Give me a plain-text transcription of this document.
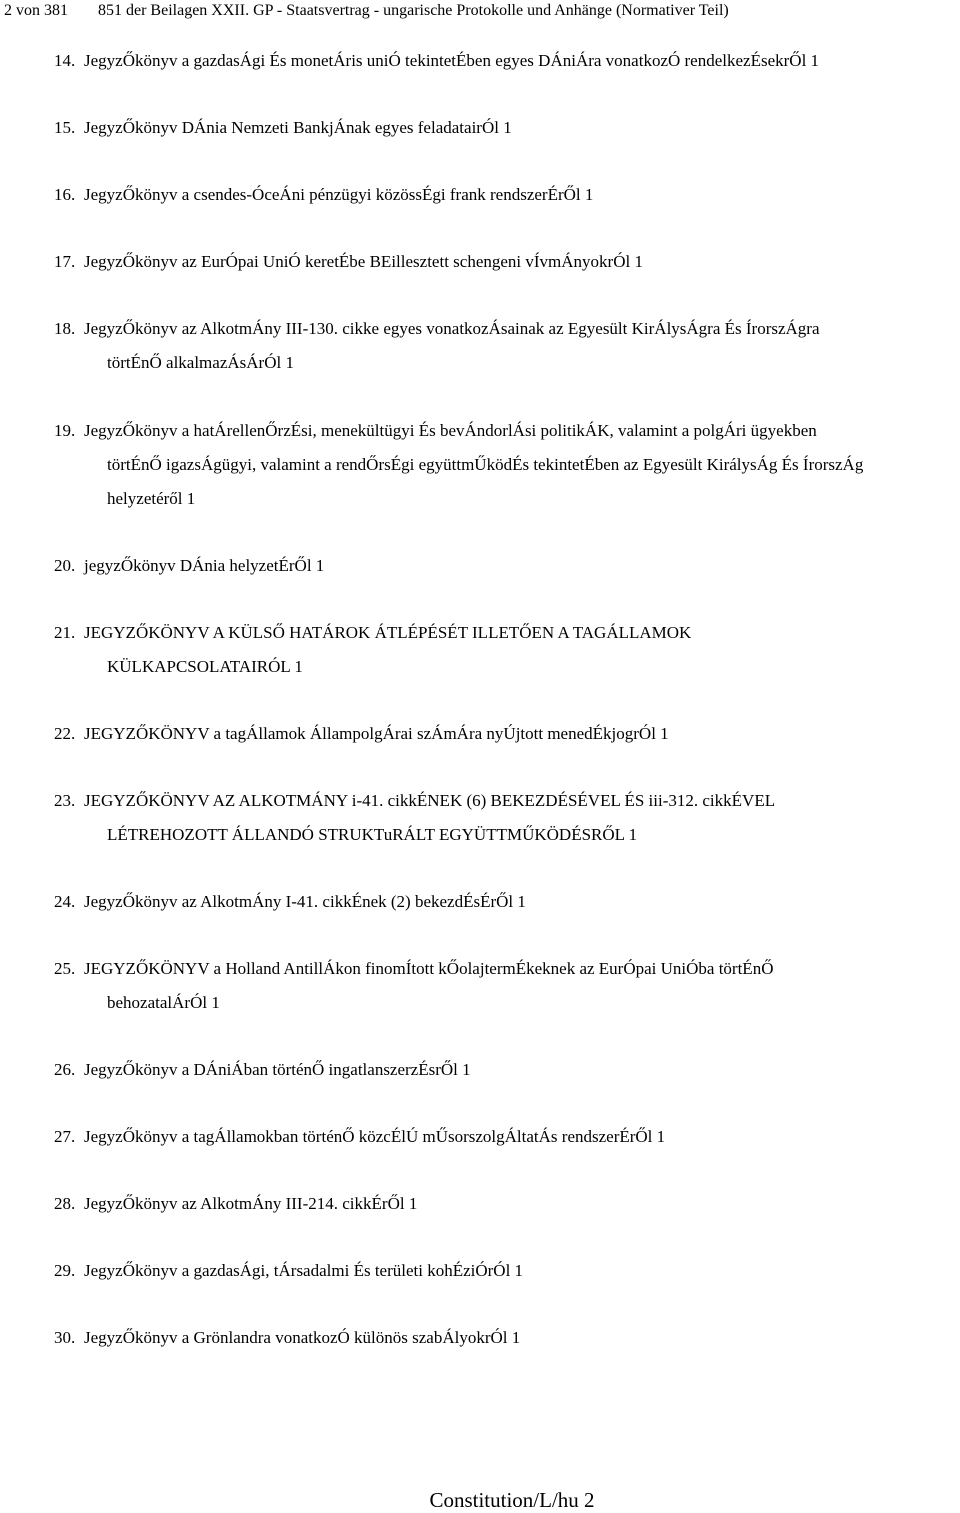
2 von 381 851 der Beilagen XXII. GP - Staatsvertrag - ungarische Protokolle und Anhänge (Normativer Teil)
14. JegyzŐkönyv a gazdasÁgi És monetÁris uniÓ tekintetÉben egyes DÁniÁra vonatkozÓ rendelkezÉsekrŐl 1
15. JegyzŐkönyv DÁnia Nemzeti BankjÁnak egyes feladatairÓl 1
16. JegyzŐkönyv a csendes-ÓceÁni pénzügyi közössÉgi frank rendszerÉrŐl 1
17. JegyzŐkönyv az EurÓpai UniÓ keretÉbe BEillesztett schengeni vÍvmÁnyokrÓl 1
18. JegyzŐkönyv az AlkotmÁny III-130. cikke egyes vonatkozÁsainak az Egyesült KirÁlysÁgra És ÍrorszÁgra
törtÉnŐ alkalmazÁsÁrÓl 1
19. JegyzŐkönyv a hatÁrellenŐrzÉsi, menekültügyi És bevÁndorlÁsi politikÁK, valamint a polgÁri ügyekben
törtÉnŐ igazsÁgügyi, valamint a rendŐrsÉgi együttmŰködÉs tekintetÉben az Egyesült KirálysÁg És ÍrorszÁg
helyzetéről 1
20. jegyzŐkönyv DÁnia helyzetÉrŐl 1
21. JEGYZŐKÖNYV A KÜLSŐ HATÁROK ÁTLÉPÉSÉT ILLETŐEN A TAGÁLLAMOK
KÜLKAPCSOLATAIRÓL 1
22. JEGYZŐKÖNYV a tagÁllamok ÁllampolgÁrai szÁmÁra nyÚjtott menedÉkjogrÓl 1
23. JEGYZŐKÖNYV AZ ALKOTMÁNY i-41. cikkÉNEK (6) BEKEZDÉSÉVEL ÉS iii-312. cikkÉVEL
LÉTREHOZOTT ÁLLANDÓ STRUKTuRÁLT EGYÜTTMŰKÖDÉSRŐL 1
24. JegyzŐkönyv az AlkotmÁny I-41. cikkÉnek (2) bekezdÉsÉrŐl 1
25. JEGYZŐKÖNYV a Holland AntillÁkon finomÍtott kŐolajtermÉkeknek az EurÓpai UniÓba törtÉnŐ
behozatalÁrÓl 1
26. JegyzŐkönyv a DÁniÁban történŐ ingatlanszerzÉsrŐl 1
27. JegyzŐkönyv a tagÁllamokban történŐ közcÉlÚ mŰsorszolgÁltatÁs rendszerÉrŐl 1
28. JegyzŐkönyv az AlkotmÁny III-214. cikkÉrŐl 1
29. JegyzŐkönyv a gazdasÁgi, tÁrsadalmi És területi kohÉziÓrÓl 1
30. JegyzŐkönyv a Grönlandra vonatkozÓ különös szabÁlyokrÓl 1
Constitution/L/hu 2
